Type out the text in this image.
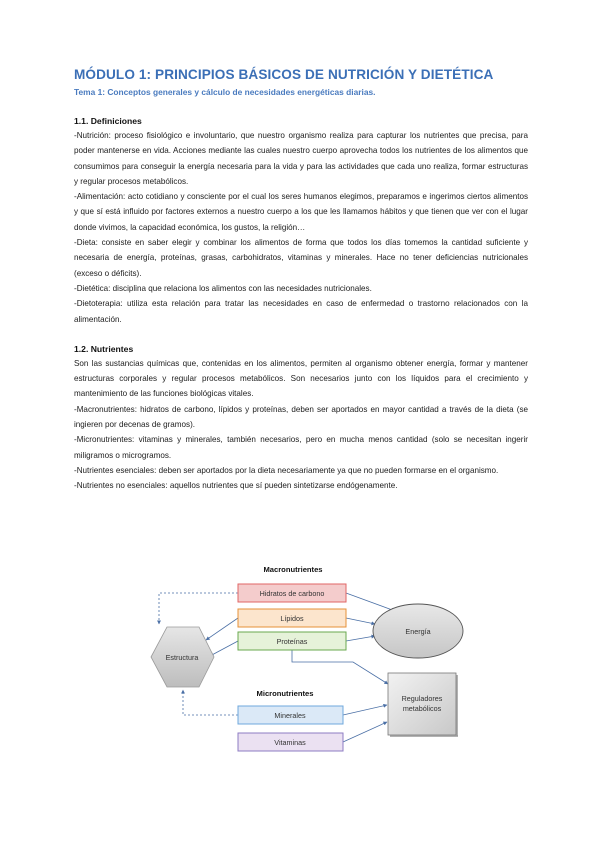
MÓDULO 1: PRINCIPIOS BÁSICOS DE NUTRICIÓN Y DIETÉTICA

Tema 1: Conceptos generales y cálculo de necesidades energéticas diarias.

1.1. Definiciones

-Nutrición: proceso fisiológico e involuntario, que nuestro organismo realiza para capturar los nutrientes que precisa, para poder mantenerse en vida. Acciones mediante las cuales nuestro cuerpo aprovecha todos los nutrientes de los alimentos que consumimos para conseguir la energía necesaria para la vida y para las actividades que cada uno realiza, formar estructuras y regular procesos metabólicos.

-Alimentación: acto cotidiano y consciente por el cual los seres humanos elegimos, preparamos e ingerimos ciertos alimentos y que sí está influido por factores externos a nuestro cuerpo a los que les llamamos hábitos y que tienen que ver con el lugar donde vivimos, la capacidad económica, los gustos, la religión…

-Dieta: consiste en saber elegir y combinar los alimentos de forma que todos los días tomemos la cantidad suficiente y necesaria de energía, proteínas, grasas, carbohidratos, vitaminas y minerales. Hace no tener deficiencias nutricionales (exceso o déficits).

-Dietética: disciplina que relaciona los alimentos con las necesidades nutricionales.

-Dietoterapia: utiliza esta relación para tratar las necesidades en caso de enfermedad o trastorno relacionados con la alimentación.

1.2. Nutrientes

Son las sustancias químicas que, contenidas en los alimentos, permiten al organismo obtener energía, formar y mantener estructuras corporales y regular procesos metabólicos. Son necesarios junto con los líquidos para el crecimiento y mantenimiento de las funciones biológicas vitales.

-Macronutrientes: hidratos de carbono, lípidos y proteínas, deben ser aportados en mayor cantidad a través de la dieta (se ingieren por decenas de gramos).

-Micronutrientes: vitaminas y minerales, también necesarios, pero en mucha menos cantidad (solo se necesitan ingerir miligramos o microgramos.

-Nutrientes esenciales: deben ser aportados por la dieta necesariamente ya que no pueden formarse en el organismo.

-Nutrientes no esenciales: aquellos nutrientes que sí pueden sintetizarse endógenamente.

Macronutrientes
Micronutrientes
Hidratos de carbono
Lípidos
Proteínas
Minerales
Vitaminas
Estructura
Energía
Reguladores
metabólicos
